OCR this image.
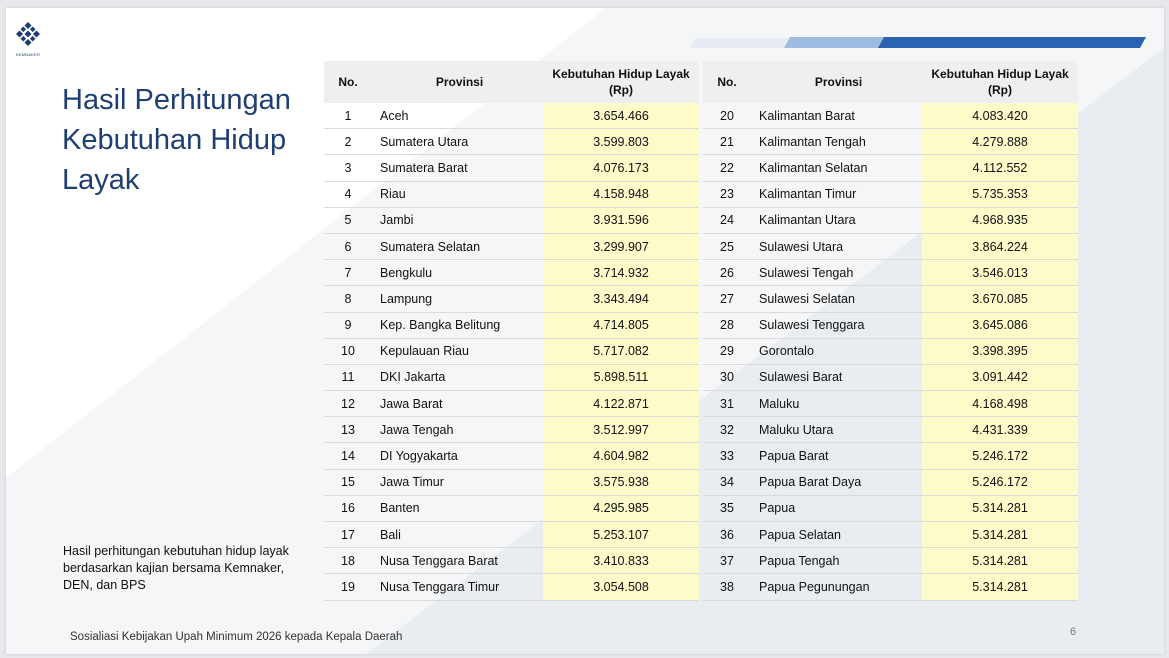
KEMNAKER
Hasil Perhitungan Kebutuhan Hidup Layak
Hasil perhitungan kebutuhan hidup layak berdasarkan kajian bersama Kemnaker, DEN, dan BPS
Sosialiasi Kebijakan Upah Minimum 2026 kepada Kepala Daerah	6
No.	Provinsi	Kebutuhan Hidup Layak (Rp)
1	Aceh	3.654.466
2	Sumatera Utara	3.599.803
3	Sumatera Barat	4.076.173
4	Riau	4.158.948
5	Jambi	3.931.596
6	Sumatera Selatan	3.299.907
7	Bengkulu	3.714.932
8	Lampung	3.343.494
9	Kep. Bangka Belitung	4.714.805
10	Kepulauan Riau	5.717.082
11	DKI Jakarta	5.898.511
12	Jawa Barat	4.122.871
13	Jawa Tengah	3.512.997
14	DI Yogyakarta	4.604.982
15	Jawa Timur	3.575.938
16	Banten	4.295.985
17	Bali	5.253.107
18	Nusa Tenggara Barat	3.410.833
19	Nusa Tenggara Timur	3.054.508
No.	Provinsi	Kebutuhan Hidup Layak (Rp)
20	Kalimantan Barat	4.083.420
21	Kalimantan Tengah	4.279.888
22	Kalimantan Selatan	4.112.552
23	Kalimantan Timur	5.735.353
24	Kalimantan Utara	4.968.935
25	Sulawesi Utara	3.864.224
26	Sulawesi Tengah	3.546.013
27	Sulawesi Selatan	3.670.085
28	Sulawesi Tenggara	3.645.086
29	Gorontalo	3.398.395
30	Sulawesi Barat	3.091.442
31	Maluku	4.168.498
32	Maluku Utara	4.431.339
33	Papua Barat	5.246.172
34	Papua Barat Daya	5.246.172
35	Papua	5.314.281
36	Papua Selatan	5.314.281
37	Papua Tengah	5.314.281
38	Papua Pegunungan	5.314.281
